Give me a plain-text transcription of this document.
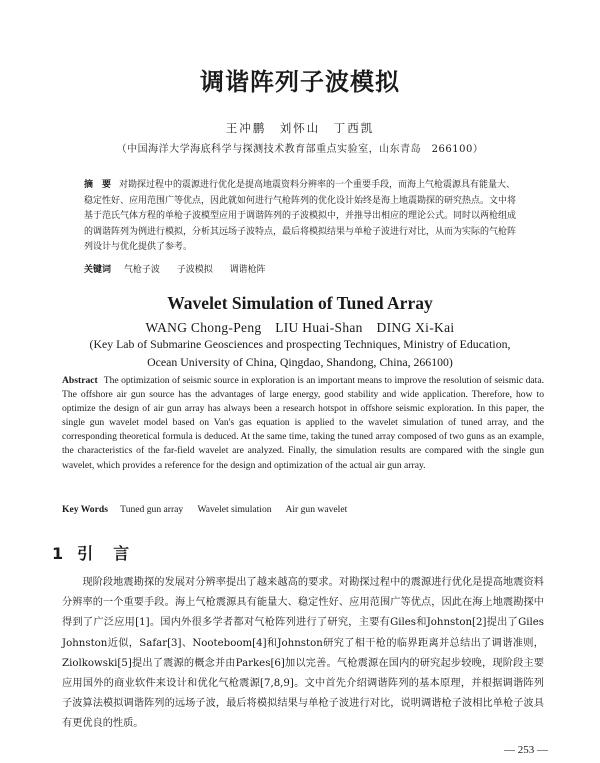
调谐阵列子波模拟
王冲鹏　刘怀山　丁西凯
（中国海洋大学海底科学与探测技术教育部重点实验室，山东青岛　266100）
摘　要 对勘探过程中的震源进行优化是提高地震资料分辨率的一个重要手段，而海上气枪震源具有能量大、稳定性好、应用范围广等优点，因此就如何进行气枪阵列的优化设计始终是海上地震勘探的研究热点。文中将基于范氏气体方程的单枪子波模型应用于调谐阵列的子波模拟中，并推导出相应的理论公式。同时以两枪组成的调谐阵列为例进行模拟，分析其远场子波特点，最后将模拟结果与单枪子波进行对比，从而为实际的气枪阵列设计与优化提供了参考。
关键词 气枪子波 子波模拟 调谐枪阵
Wavelet Simulation of Tuned Array
WANG Chong-Peng　LIU Huai-Shan　DING Xi-Kai
(Key Lab of Submarine Geosciences and prospecting Techniques, Ministry of Education,
Ocean University of China, Qingdao, Shandong, China, 266100)
Abstract The optimization of seismic source in exploration is an important means to improve the resolution of seismic data. The offshore air gun source has the advantages of large energy, good stability and wide application. Therefore, how to optimize the design of air gun array has always been a research hotspot in offshore seismic exploration. In this paper, the single gun wavelet model based on Van's gas equation is applied to the wavelet simulation of tuned array, and the corresponding theoretical formula is deduced. At the same time, taking the tuned array composed of two guns as an example, the characteristics of the far-field wavelet are analyzed. Finally, the simulation results are compared with the single gun wavelet, which provides a reference for the design and optimization of the actual air gun array.
Key Words Tuned gun array Wavelet simulation Air gun wavelet
1 引　言
现阶段地震勘探的发展对分辨率提出了越来越高的要求。对勘探过程中的震源进行优化是提高地震资料分辨率的一个重要手段。海上气枪震源具有能量大、稳定性好、应用范围广等优点，因此在海上地震勘探中得到了广泛应用[1]。国内外很多学者都对气枪阵列进行了研究，主要有Giles和Johnston[2]提出了Giles　Johnston近似，Safar[3]、Nooteboom[4]和Johnston研究了相干枪的临界距离并总结出了调谐准则，Ziolkowski[5]提出了震源的概念并由Parkes[6]加以完善。气枪震源在国内的研究起步较晚，现阶段主要应用国外的商业软件来设计和优化气枪震源[7,8,9]。文中首先介绍调谐阵列的基本原理，并根据调谐阵列子波算法模拟调谐阵列的远场子波，最后将模拟结果与单枪子波进行对比，说明调谐枪子波相比单枪子波具有更优良的性质。
— 253 —
